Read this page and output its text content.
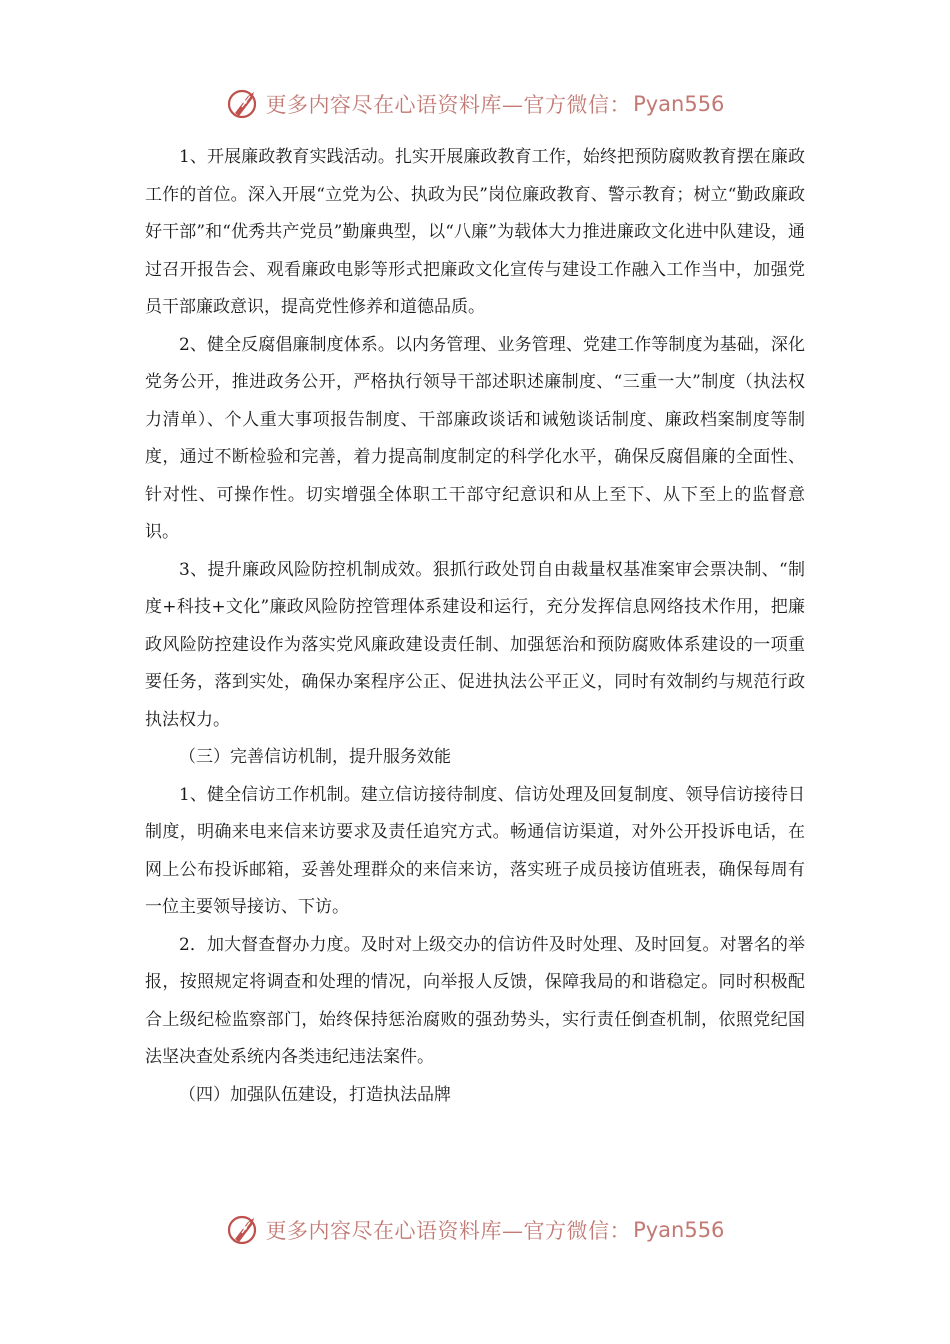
更多内容尽在心语资料库—官方微信： Pyan556

1、开展廉政教育实践活动。扎实开展廉政教育工作，始终把预防腐败教育摆在廉政工作的首位。深入开展“立党为公、执政为民”岗位廉政教育、警示教育；树立“勤政廉政好干部”和“优秀共产党员”勤廉典型，以“八廉”为载体大力推进廉政文化进中队建设，通过召开报告会、观看廉政电影等形式把廉政文化宣传与建设工作融入工作当中，加强党员干部廉政意识，提高党性修养和道德品质。

2、健全反腐倡廉制度体系。以内务管理、业务管理、党建工作等制度为基础，深化党务公开，推进政务公开，严格执行领导干部述职述廉制度、“三重一大”制度（执法权力清单）、个人重大事项报告制度、干部廉政谈话和诫勉谈话制度、廉政档案制度等制度，通过不断检验和完善，着力提高制度制定的科学化水平，确保反腐倡廉的全面性、针对性、可操作性。切实增强全体职工干部守纪意识和从上至下、从下至上的监督意识。

3、提升廉政风险防控机制成效。狠抓行政处罚自由裁量权基准案审会票决制、“制度+科技+文化”廉政风险防控管理体系建设和运行，充分发挥信息网络技术作用，把廉政风险防控建设作为落实党风廉政建设责任制、加强惩治和预防腐败体系建设的一项重要任务，落到实处，确保办案程序公正、促进执法公平正义，同时有效制约与规范行政执法权力。

（三）完善信访机制，提升服务效能

1、健全信访工作机制。建立信访接待制度、信访处理及回复制度、领导信访接待日制度，明确来电来信来访要求及责任追究方式。畅通信访渠道，对外公开投诉电话，在网上公布投诉邮箱，妥善处理群众的来信来访，落实班子成员接访值班表，确保每周有一位主要领导接访、下访。

2．加大督查督办力度。及时对上级交办的信访件及时处理、及时回复。对署名的举报，按照规定将调查和处理的情况，向举报人反馈，保障我局的和谐稳定。同时积极配合上级纪检监察部门，始终保持惩治腐败的强劲势头，实行责任倒查机制，依照党纪国法坚决查处系统内各类违纪违法案件。

（四）加强队伍建设，打造执法品牌

更多内容尽在心语资料库—官方微信： Pyan556
